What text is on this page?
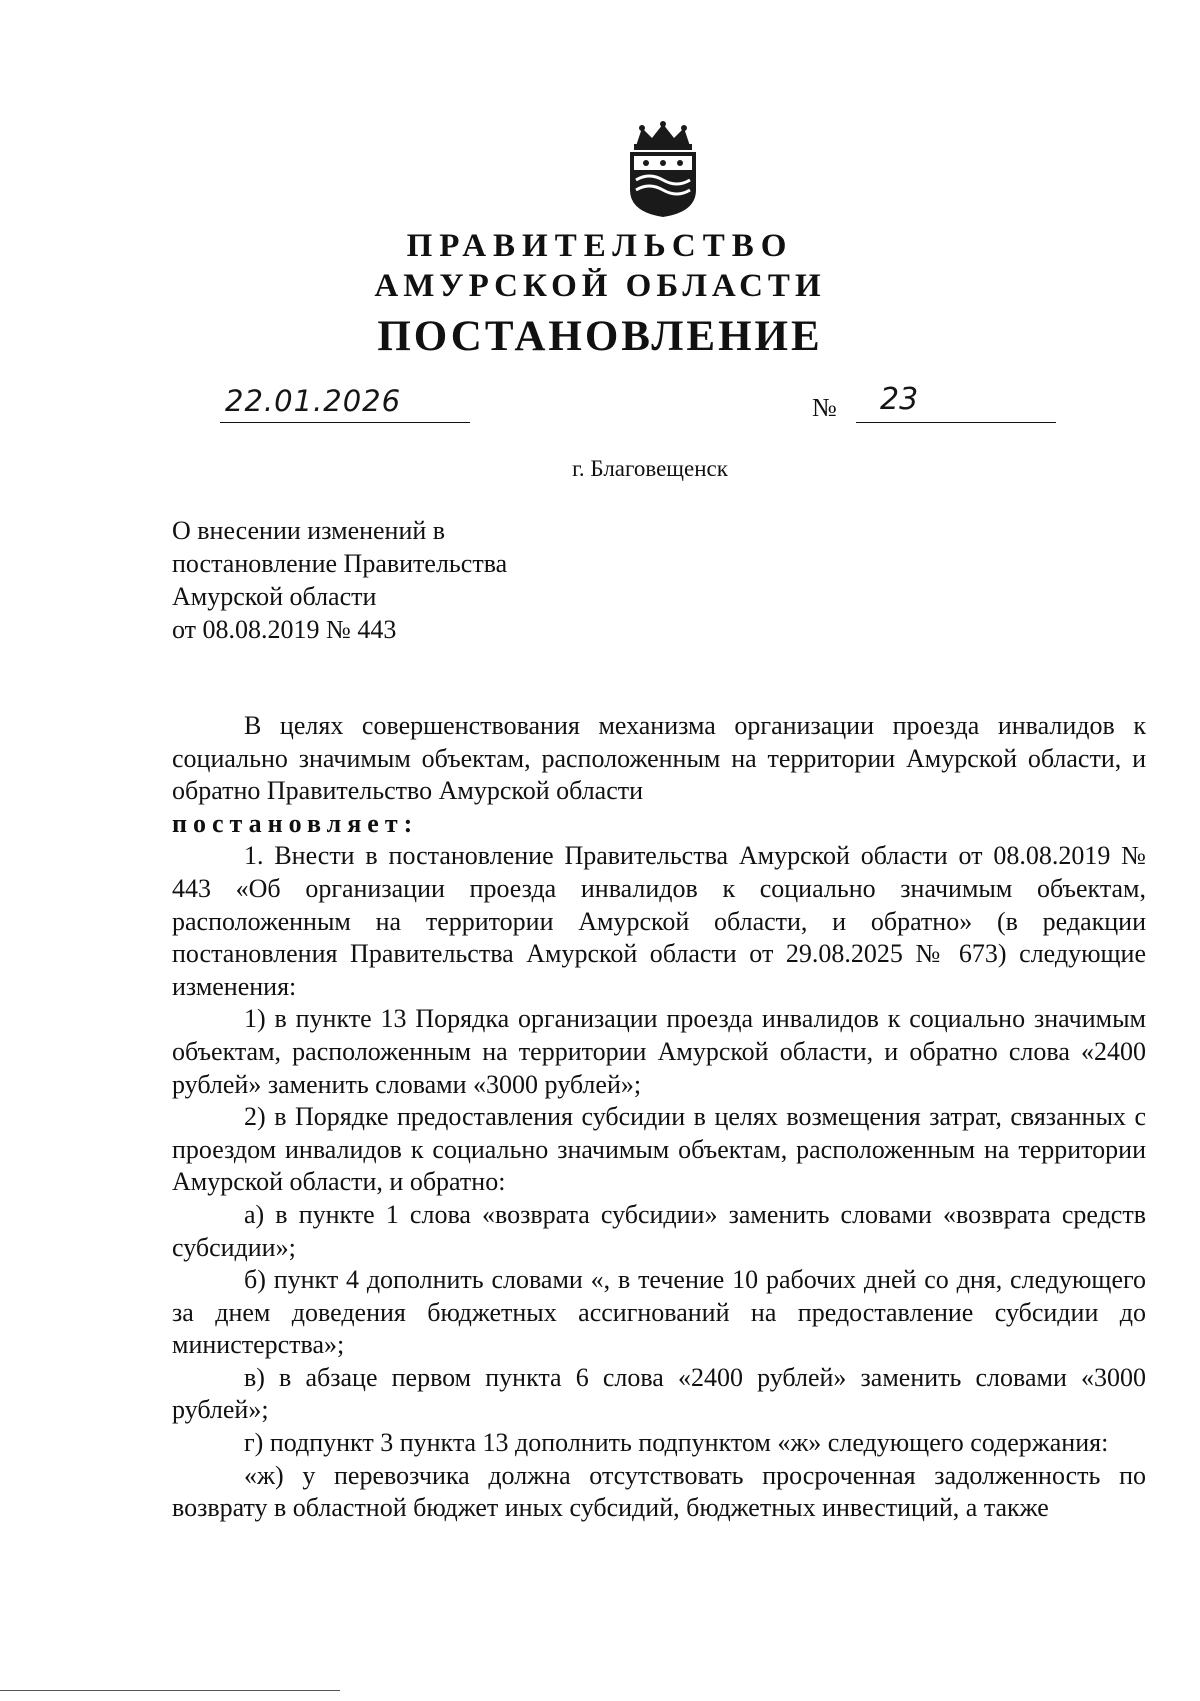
ПРАВИТЕЛЬСТВО
АМУРСКОЙ ОБЛАСТИ
ПОСТАНОВЛЕНИЕ
22.01.2026	№ 23
г. Благовещенск
О внесении изменений в
постановление Правительства
Амурской области
от 08.08.2019 № 443

В целях совершенствования механизма организации проезда инвалидов к социально значимым объектам, расположенным на территории Амурской области, и обратно Правительство Амурской области

постановляет:

1. Внести в постановление Правительства Амурской области от 08.08.2019 № 443 «Об организации проезда инвалидов к социально значимым объектам, расположенным на территории Амурской области, и обратно» (в редакции постановления Правительства Амурской области от 29.08.2025 № 673) следующие изменения:

1) в пункте 13 Порядка организации проезда инвалидов к социально значимым объектам, расположенным на территории Амурской области, и обратно слова «2400 рублей» заменить словами «3000 рублей»;

2) в Порядке предоставления субсидии в целях возмещения затрат, связанных с проездом инвалидов к социально значимым объектам, расположенным на территории Амурской области, и обратно:

а) в пункте 1 слова «возврата субсидии» заменить словами «возврата средств субсидии»;

б) пункт 4 дополнить словами «, в течение 10 рабочих дней со дня, следующего за днем доведения бюджетных ассигнований на предоставление субсидии до министерства»;

в) в абзаце первом пункта 6 слова «2400 рублей» заменить словами «3000 рублей»;

г) подпункт 3 пункта 13 дополнить подпунктом «ж» следующего содержания:

«ж) у перевозчика должна отсутствовать просроченная задолженность по возврату в областной бюджет иных субсидий, бюджетных инвестиций, а также
